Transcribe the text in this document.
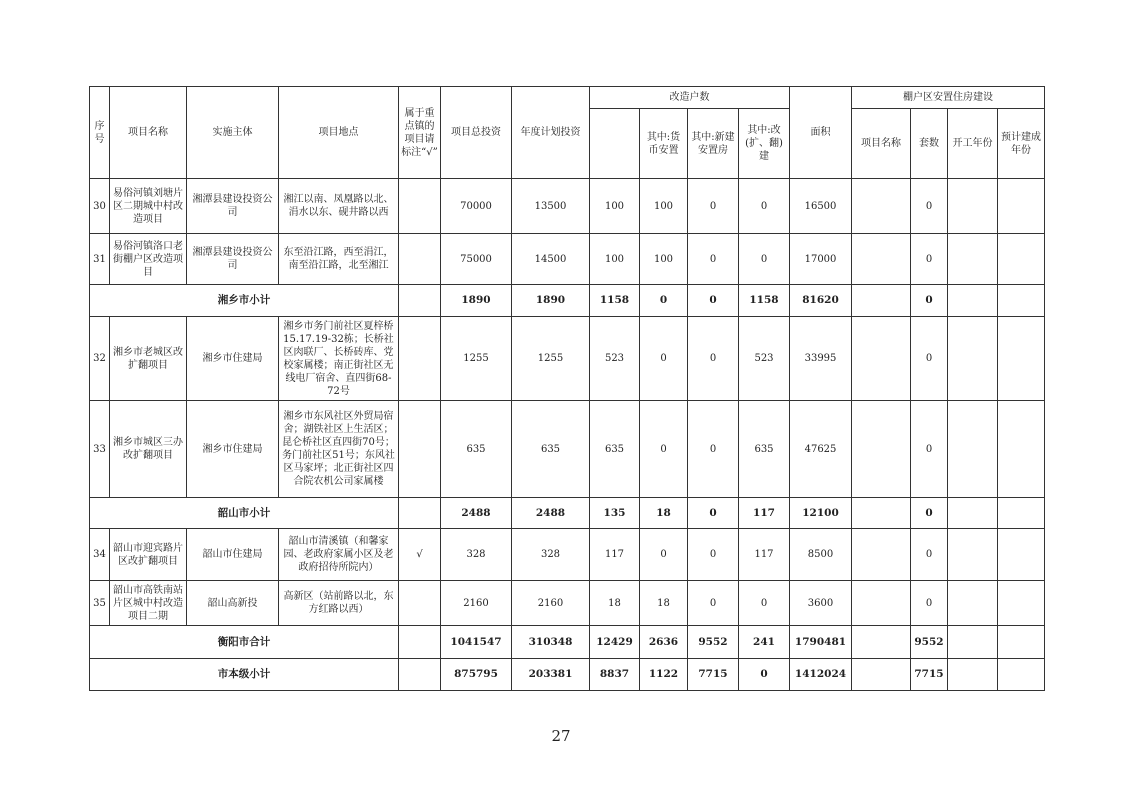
序号	项目名称	实施主体	项目地点	属于重点镇的项目请标注“√”	项目总投资	年度计划投资	改造户数				面积	棚户区安置住房建设			
								其中:货币安置	其中:新建安置房	其中:改(扩、翻)建		项目名称	套数	开工年份	预计建成年份
30	易俗河镇刘塘片区二期城中村改造项目	湘潭县建设投资公司	湘江以南、凤凰路以北、涓水以东、砚井路以西		70000	13500	100	100	0	0	16500		0		
31	易俗河镇洛口老街棚户区改造项目	湘潭县建设投资公司	东至沿江路，西至涓江，南至沿江路，北至湘江		75000	14500	100	100	0	0	17000		0		
湘乡市小计					1890	1890	1158	0	0	1158	81620		0		
32	湘乡市老城区改扩翻项目	湘乡市住建局	湘乡市务门前社区夏梓桥15.17.19-32栋；长桥社区肉联厂、长桥砖库、党校家属楼；南正街社区无线电厂宿舍、直四街68-72号		1255	1255	523	0	0	523	33995		0		
33	湘乡市城区三办改扩翻项目	湘乡市住建局	湘乡市东风社区外贸局宿舍；湖铁社区上生活区；昆仑桥社区直四街70号；务门前社区51号；东风社区马家坪；北正街社区四合院农机公司家属楼		635	635	635	0	0	635	47625		0		
韶山市小计					2488	2488	135	18	0	117	12100		0		
34	韶山市迎宾路片区改扩翻项目	韶山市住建局	韶山市清溪镇（和馨家园、老政府家属小区及老政府招待所院内）	√	328	328	117	0	0	117	8500		0		
35	韶山市高铁南站片区城中村改造项目二期	韶山高新投	高新区（站前路以北，东方红路以西）		2160	2160	18	18	0	0	3600		0		
衡阳市合计					1041547	310348	12429	2636	9552	241	1790481		9552		
市本级小计					875795	203381	8837	1122	7715	0	1412024		7715		
27
